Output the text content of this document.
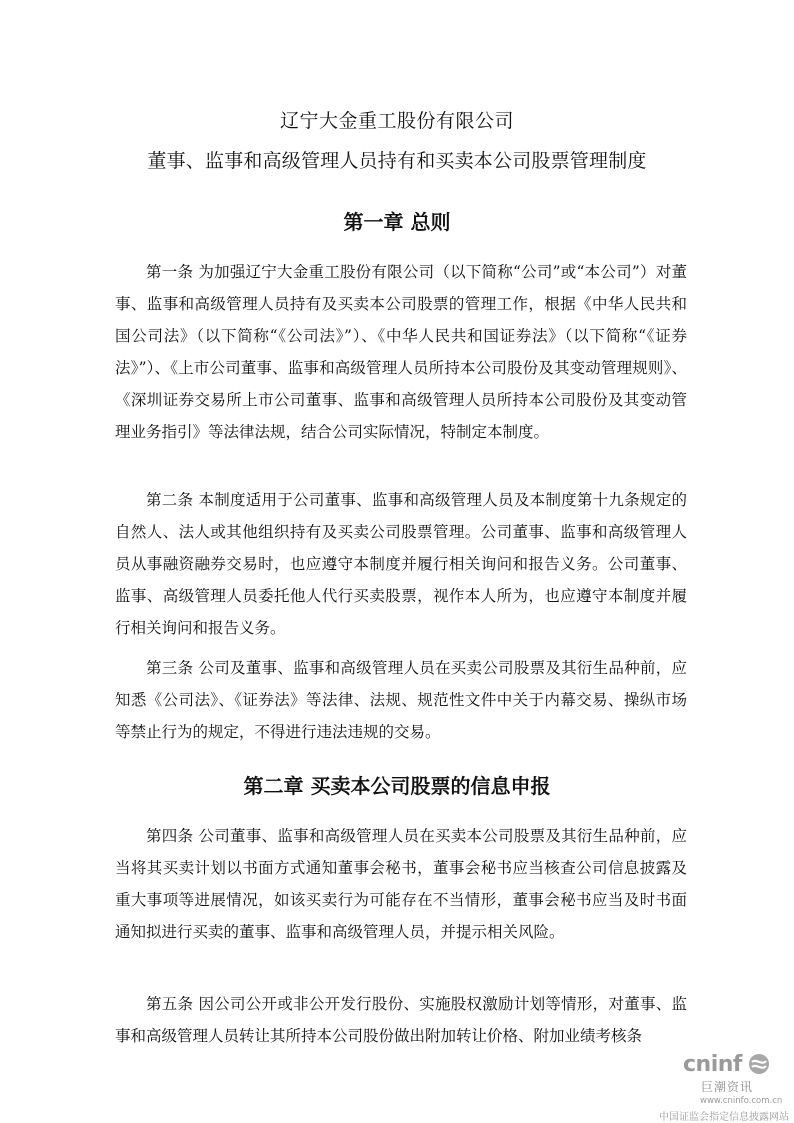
辽宁大金重工股份有限公司
董事、监事和高级管理人员持有和买卖本公司股票管理制度
第一章 总则
第一条 为加强辽宁大金重工股份有限公司（以下简称“公司”或“本公司”）对董事、监事和高级管理人员持有及买卖本公司股票的管理工作，根据《中华人民共和国公司法》（以下简称“《公司法》”）、《中华人民共和国证券法》（以下简称“《证券法》”）、《上市公司董事、监事和高级管理人员所持本公司股份及其变动管理规则》、《深圳证券交易所上市公司董事、监事和高级管理人员所持本公司股份及其变动管理业务指引》等法律法规，结合公司实际情况，特制定本制度。
第二条 本制度适用于公司董事、监事和高级管理人员及本制度第十九条规定的自然人、法人或其他组织持有及买卖公司股票管理。公司董事、监事和高级管理人员从事融资融券交易时，也应遵守本制度并履行相关询问和报告义务。公司董事、监事、高级管理人员委托他人代行买卖股票，视作本人所为，也应遵守本制度并履行相关询问和报告义务。
第三条 公司及董事、监事和高级管理人员在买卖公司股票及其衍生品种前，应知悉《公司法》、《证券法》等法律、法规、规范性文件中关于内幕交易、操纵市场等禁止行为的规定，不得进行违法违规的交易。
第二章 买卖本公司股票的信息申报
第四条 公司董事、监事和高级管理人员在买卖本公司股票及其衍生品种前，应当将其买卖计划以书面方式通知董事会秘书，董事会秘书应当核查公司信息披露及重大事项等进展情况，如该买卖行为可能存在不当情形，董事会秘书应当及时书面通知拟进行买卖的董事、监事和高级管理人员，并提示相关风险。
第五条 因公司公开或非公开发行股份、实施股权激励计划等情形，对董事、监事和高级管理人员转让其所持本公司股份做出附加转让价格、附加业绩考核条
cninf
巨潮资讯
www.cninfo.com.cn
中国证监会指定信息披露网站
